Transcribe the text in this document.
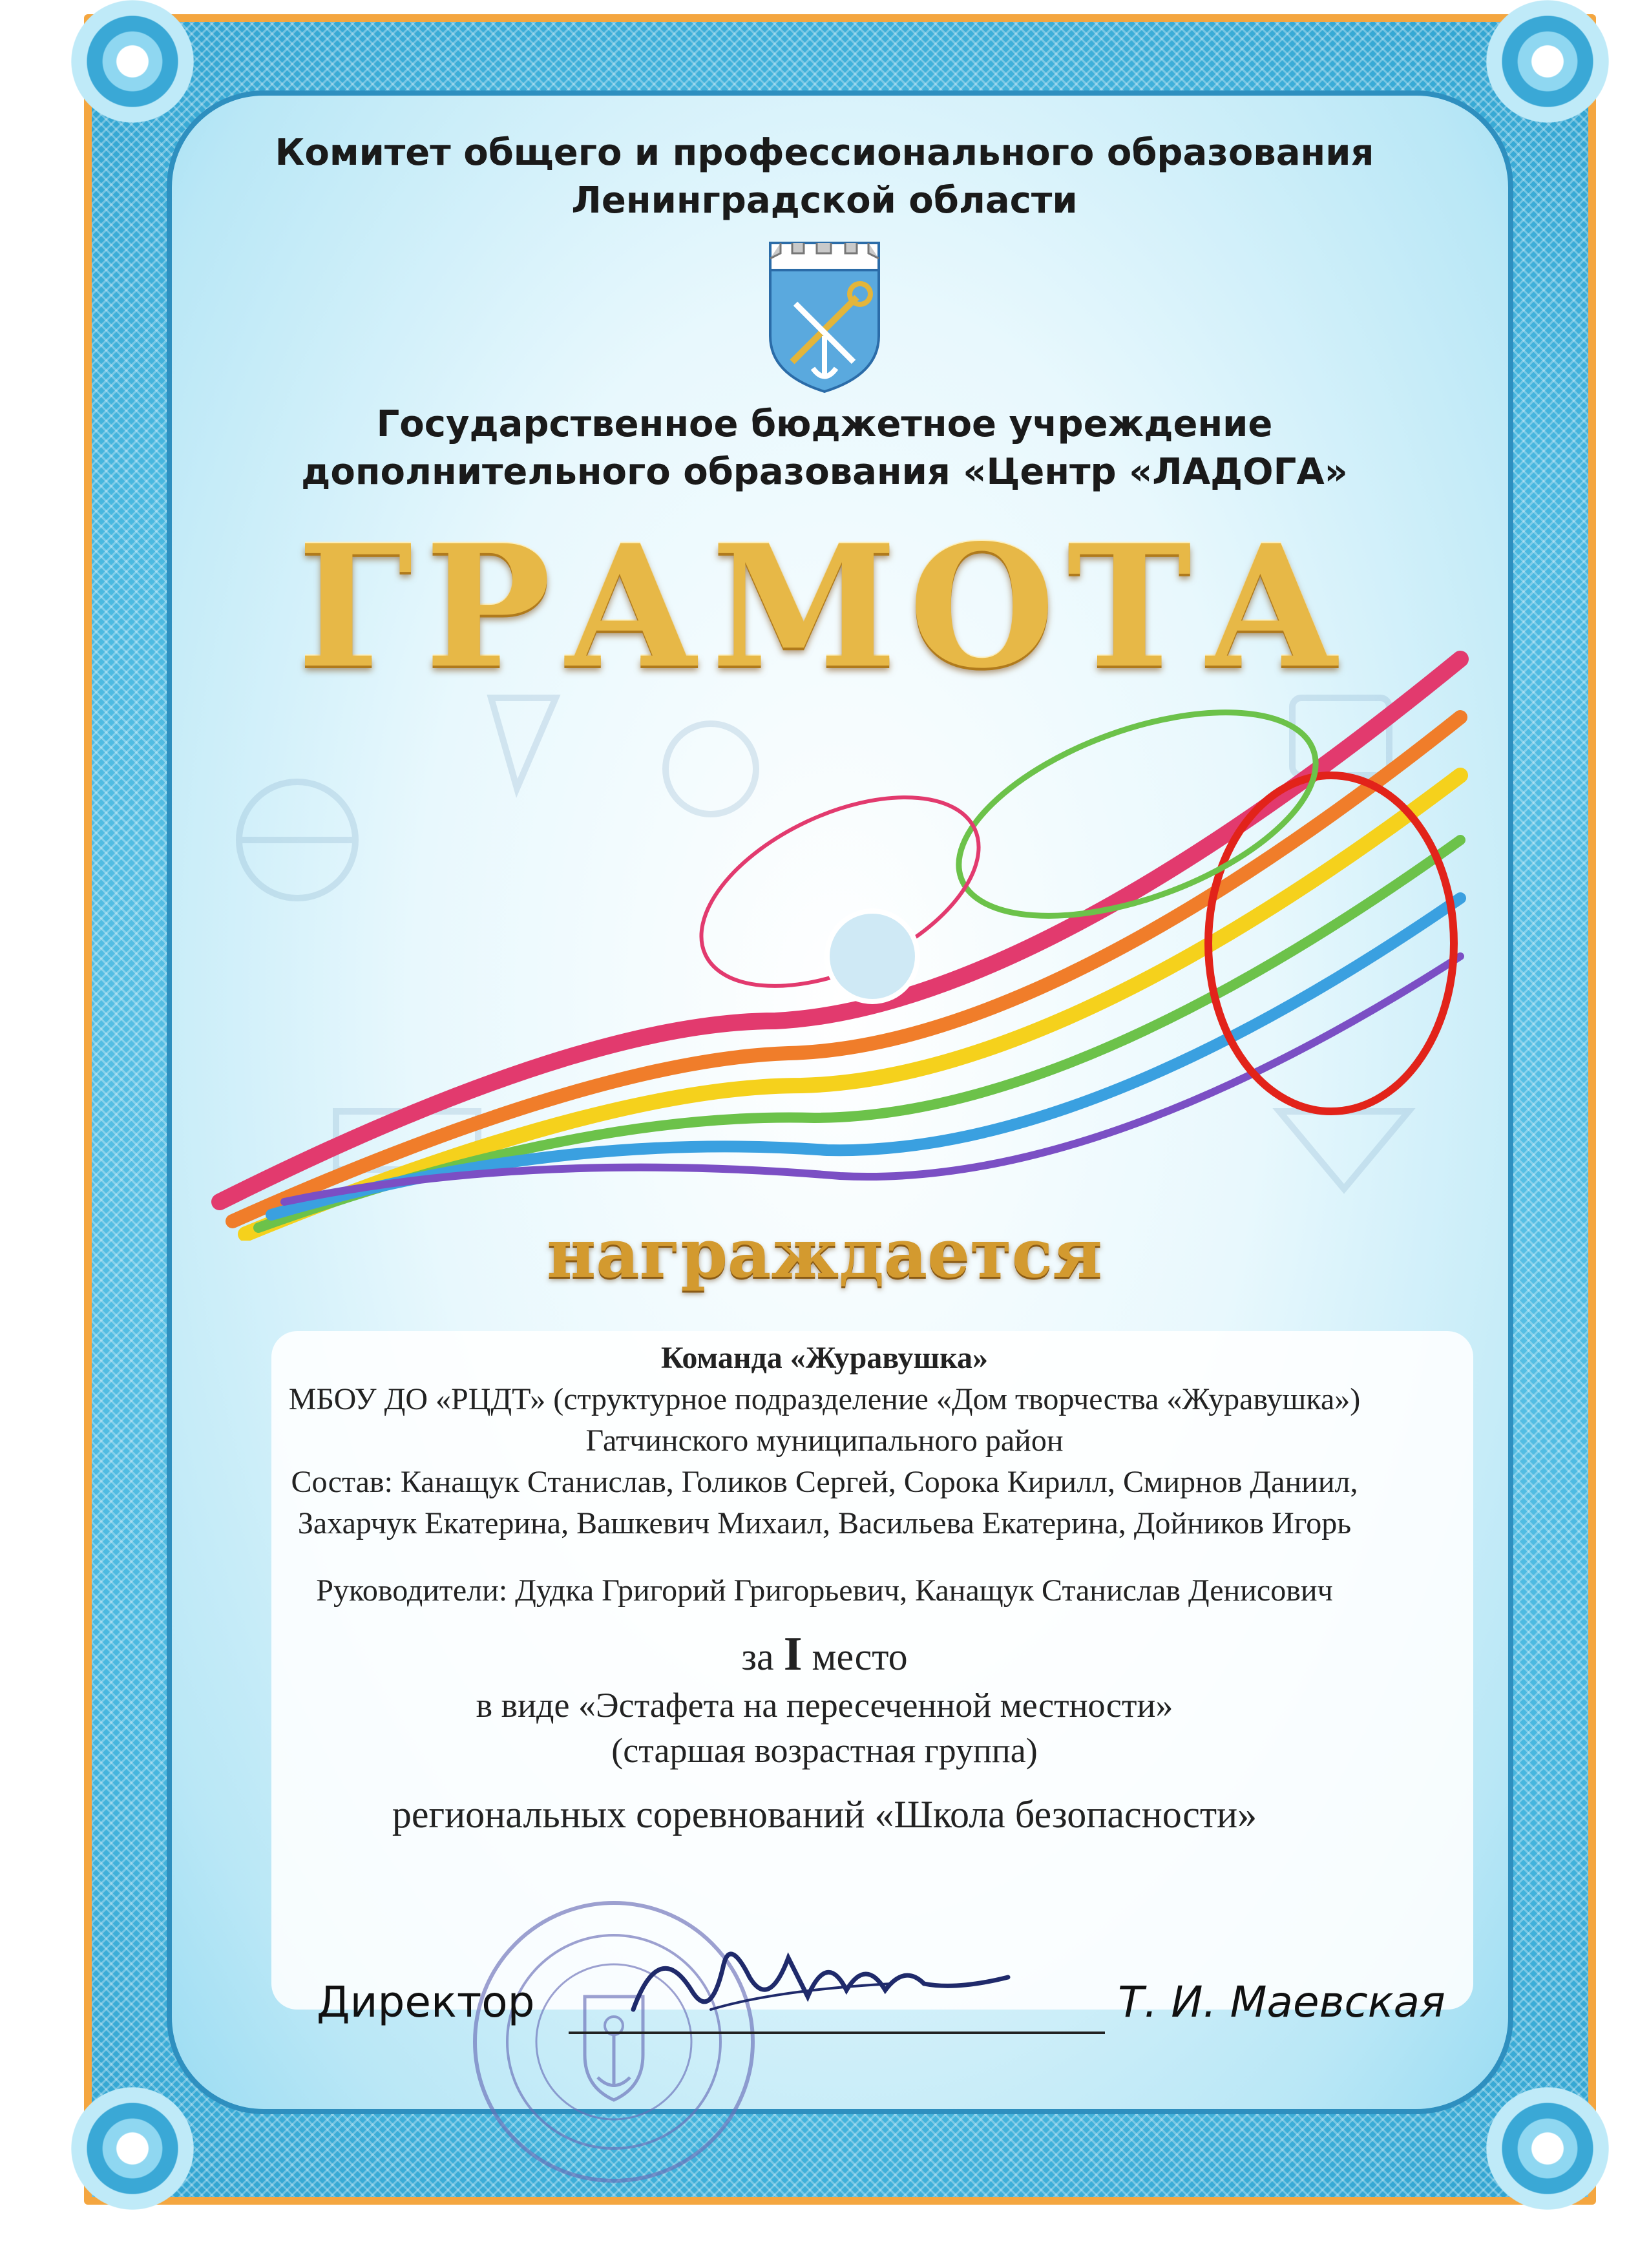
Комитет общего и профессионального образования
Ленинградской области
Государственное бюджетное учреждение
дополнительного образования «Центр «ЛАДОГА»
ГРАМОТА
награждается
Команда «Журавушка»
МБОУ ДО «РЦДТ» (структурное подразделение «Дом творчества «Журавушка»)
Гатчинского муниципального район
Состав: Канащук Станислав, Голиков Сергей, Сорока Кирилл, Смирнов Даниил,
Захарчук Екатерина, Вашкевич Михаил, Васильева Екатерина, Дойников Игорь
Руководители: Дудка Григорий Григорьевич, Канащук Станислав Денисович
за I место
в виде «Эстафета на пересеченной местности»
(старшая возрастная группа)
региональных соревнований «Школа безопасности»
Директор	Т. И. Маевская
